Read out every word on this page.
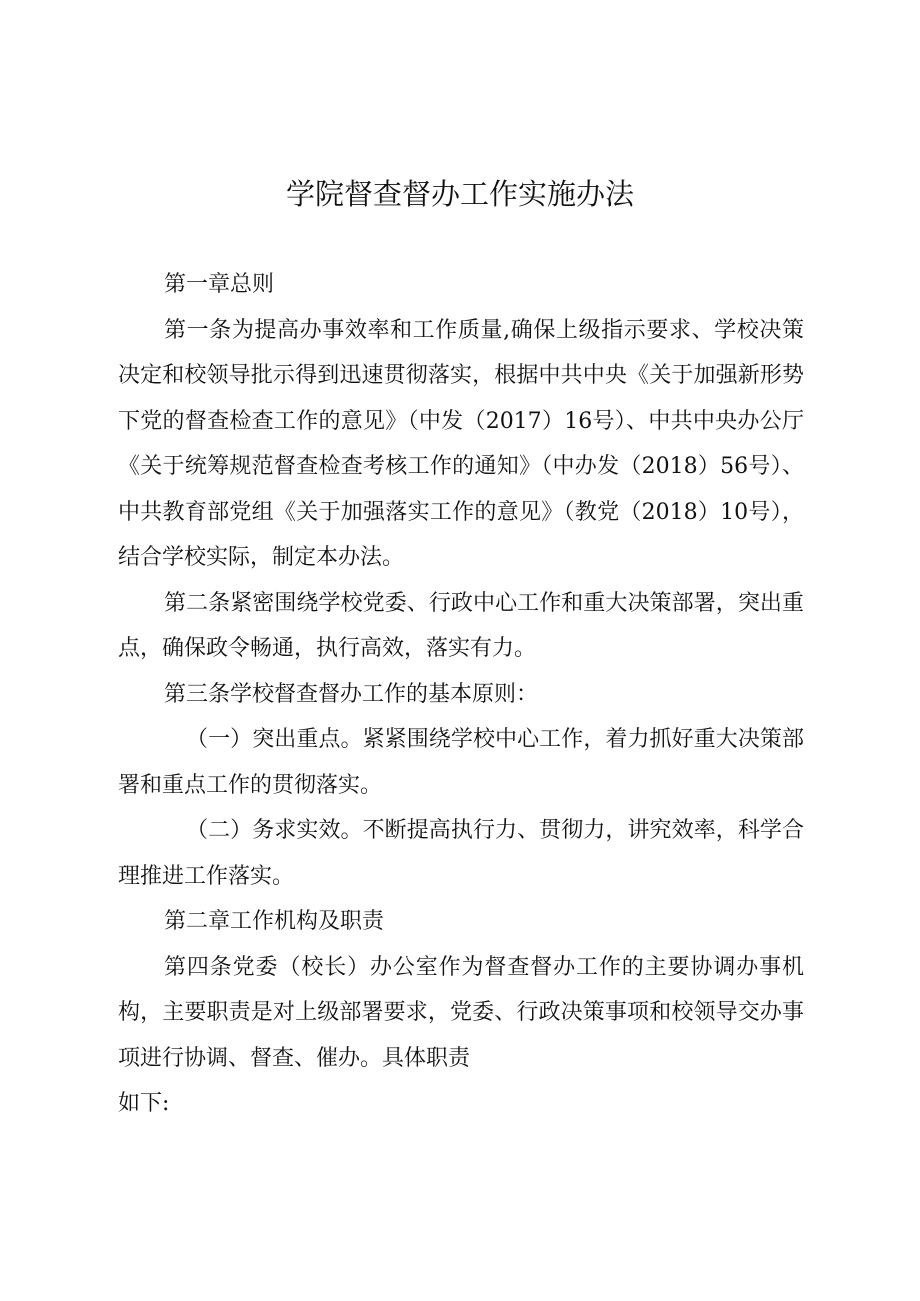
学院督查督办工作实施办法

第一章总则

第一条为提高办事效率和工作质量,确保上级指示要求、学校决策决定和校领导批示得到迅速贯彻落实，根据中共中央《关于加强新形势下党的督查检查工作的意见》（中发（2017）16号）、中共中央办公厅《关于统筹规范督查检查考核工作的通知》（中办发（2018）56号）、中共教育部党组《关于加强落实工作的意见》（教党（2018）10号），结合学校实际，制定本办法。

第二条紧密围绕学校党委、行政中心工作和重大决策部署，突出重点，确保政令畅通，执行高效，落实有力。

第三条学校督查督办工作的基本原则：

（一）突出重点。紧紧围绕学校中心工作，着力抓好重大决策部署和重点工作的贯彻落实。

（二）务求实效。不断提高执行力、贯彻力，讲究效率，科学合理推进工作落实。

第二章工作机构及职责

第四条党委（校长）办公室作为督查督办工作的主要协调办事机构，主要职责是对上级部署要求，党委、行政决策事项和校领导交办事项进行协调、督查、催办。具体职责

如下:
